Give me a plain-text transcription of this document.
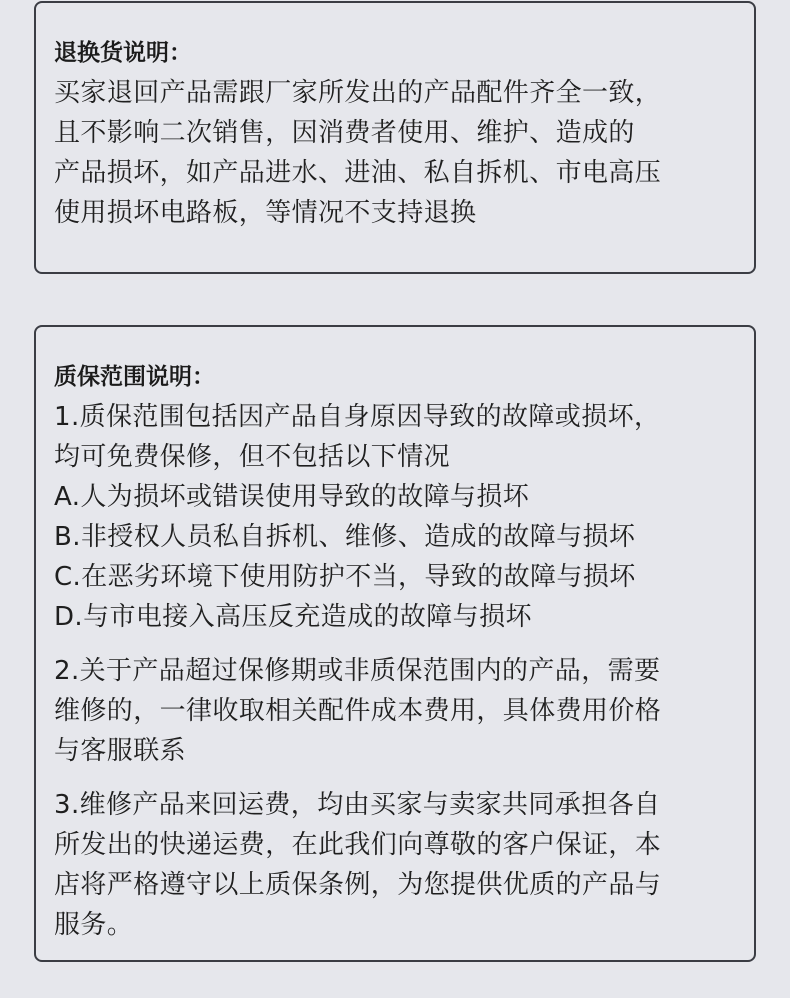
退换货说明：
买家退回产品需跟厂家所发出的产品配件齐全一致，
且不影响二次销售，因消费者使用、维护、造成的
产品损坏，如产品进水、进油、私自拆机、市电高压
使用损坏电路板，等情况不支持退换
质保范围说明：
1.质保范围包括因产品自身原因导致的故障或损坏，
均可免费保修，但不包括以下情况
A.人为损坏或错误使用导致的故障与损坏
B.非授权人员私自拆机、维修、造成的故障与损坏
C.在恶劣环境下使用防护不当，导致的故障与损坏
D.与市电接入高压反充造成的故障与损坏
2.关于产品超过保修期或非质保范围内的产品，需要
维修的，一律收取相关配件成本费用，具体费用价格
与客服联系
3.维修产品来回运费，均由买家与卖家共同承担各自
所发出的快递运费，在此我们向尊敬的客户保证，本
店将严格遵守以上质保条例，为您提供优质的产品与
服务。
